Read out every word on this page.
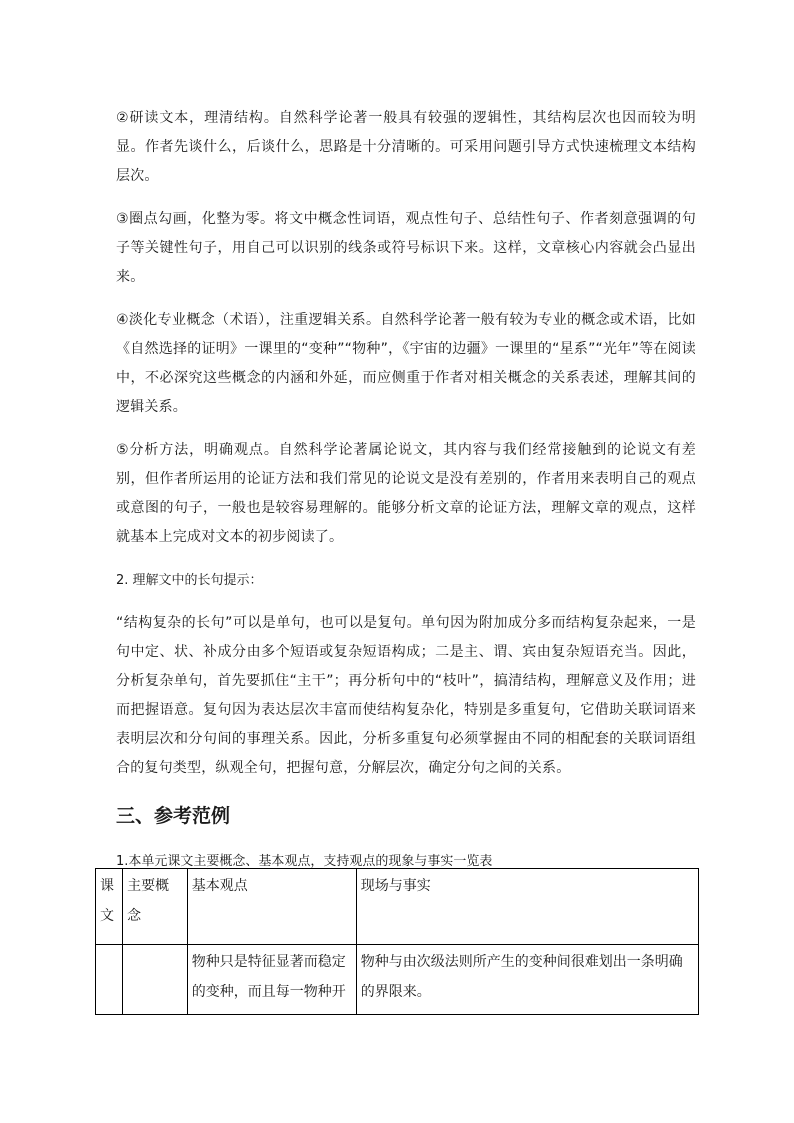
②研读文本，理清结构。自然科学论著一般具有较强的逻辑性，其结构层次也因而较为明显。作者先谈什么，后谈什么，思路是十分清晰的。可采用问题引导方式快速梳理文本结构层次。

③圈点勾画，化整为零。将文中概念性词语，观点性句子、总结性句子、作者刻意强调的句子等关键性句子，用自己可以识别的线条或符号标识下来。这样，文章核心内容就会凸显出来。

④淡化专业概念（术语），注重逻辑关系。自然科学论著一般有较为专业的概念或术语，比如《自然选择的证明》一课里的“变种”“物种”，《宇宙的边疆》一课里的“星系”“光年”等在阅读中，不必深究这些概念的内涵和外延，而应侧重于作者对相关概念的关系表述，理解其间的逻辑关系。

⑤分析方法，明确观点。自然科学论著属论说文，其内容与我们经常接触到的论说文有差别，但作者所运用的论证方法和我们常见的论说文是没有差别的，作者用来表明自己的观点或意图的句子，一般也是较容易理解的。能够分析文章的论证方法，理解文章的观点，这样就基本上完成对文本的初步阅读了。

2. 理解文中的长句提示：

“结构复杂的长句”可以是单句，也可以是复句。单句因为附加成分多而结构复杂起来，一是句中定、状、补成分由多个短语或复杂短语构成；二是主、谓、宾由复杂短语充当。因此，分析复杂单句，首先要抓住“主干”；再分析句中的“枝叶”，搞清结构，理解意义及作用；进而把握语意。复句因为表达层次丰富而使结构复杂化，特别是多重复句，它借助关联词语来表明层次和分句间的事理关系。因此，分析多重复句必须掌握由不同的相配套的关联词语组合的复句类型，纵观全句，把握句意，分解层次，确定分句之间的关系。

三、参考范例
1.本单元课文主要概念、基本观点，支持观点的现象与事实一览表
课文	主要概念	基本观点	现场与事实
		物种只是特征显著而稳定的变种，而且每一物种开	物种与由次级法则所产生的变种间很难划出一条明确的界限来。
